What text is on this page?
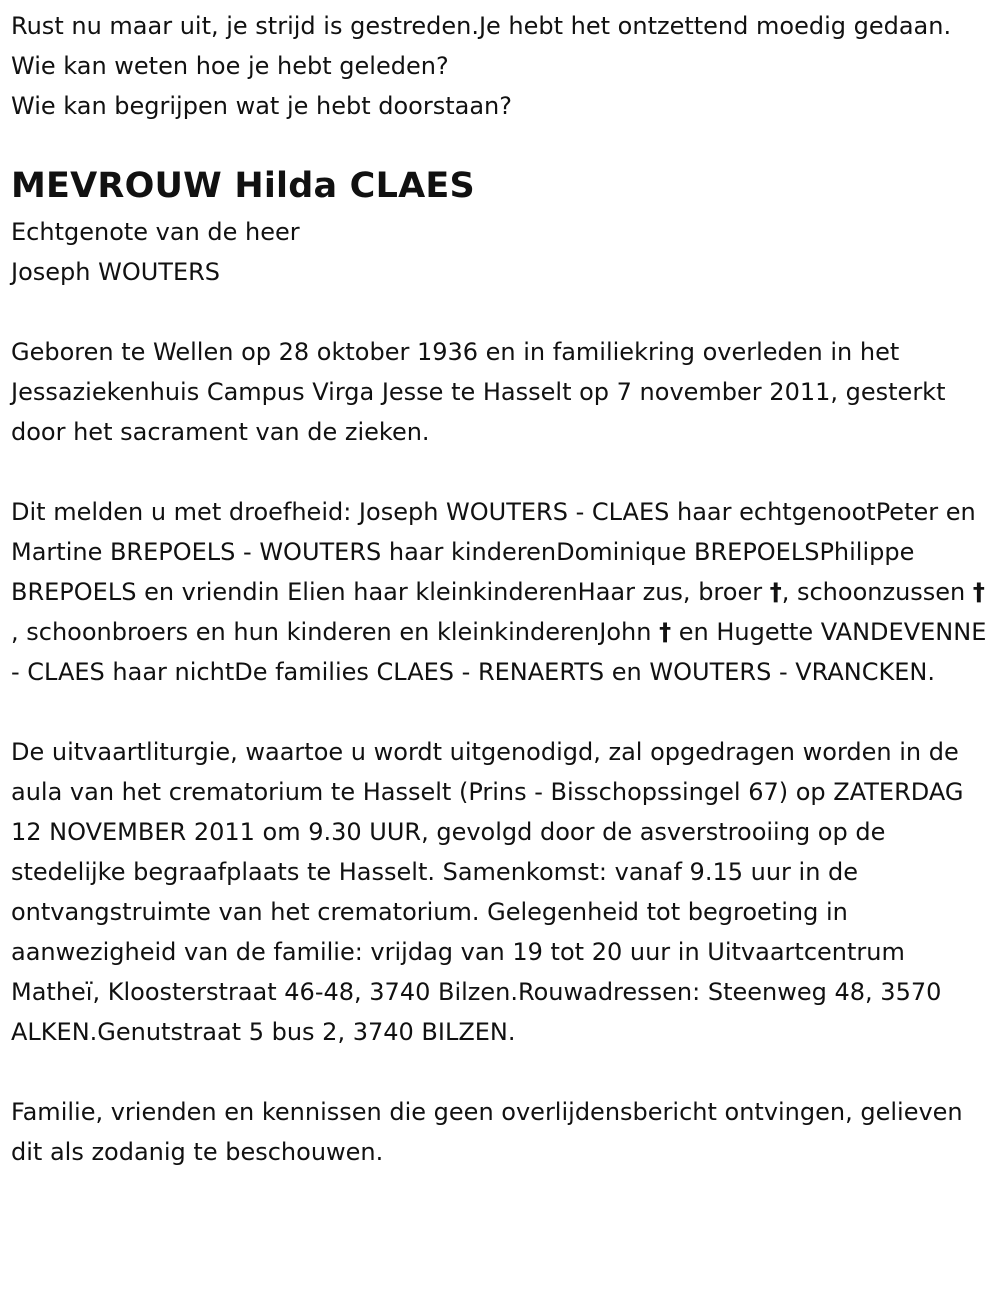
Rust nu maar uit, je strijd is gestreden.Je hebt het ontzettend moedig gedaan.
Wie kan weten hoe je hebt geleden?
Wie kan begrijpen wat je hebt doorstaan?

MEVROUW Hilda CLAES

Echtgenote van de heer
Joseph WOUTERS

Geboren te Wellen op 28 oktober 1936 en in familiekring overleden in het Jessaziekenhuis Campus Virga Jesse te Hasselt op 7 november 2011, gesterkt door het sacrament van de zieken.

Dit melden u met droefheid: Joseph WOUTERS - CLAES haar echtgenootPeter en Martine BREPOELS - WOUTERS haar kinderenDominique BREPOELSPhilippe BREPOELS en vriendin Elien haar kleinkinderenHaar zus, broer †, schoonzussen † , schoonbroers en hun kinderen en kleinkinderenJohn † en Hugette VANDEVENNE - CLAES haar nichtDe families CLAES - RENAERTS en WOUTERS - VRANCKEN.

De uitvaartliturgie, waartoe u wordt uitgenodigd, zal opgedragen worden in de aula van het crematorium te Hasselt (Prins - Bisschopssingel 67) op ZATERDAG 12 NOVEMBER 2011 om 9.30 UUR, gevolgd door de asverstrooiing op de stedelijke begraafplaats te Hasselt. Samenkomst: vanaf 9.15 uur in de ontvangstruimte van het crematorium. Gelegenheid tot begroeting in aanwezigheid van de familie: vrijdag van 19 tot 20 uur in Uitvaartcentrum Matheï, Kloosterstraat 46-48, 3740 Bilzen.Rouwadressen: Steenweg 48, 3570 ALKEN.Genutstraat 5 bus 2, 3740 BILZEN.

Familie, vrienden en kennissen die geen overlijdensbericht ontvingen, gelieven dit als zodanig te beschouwen.
